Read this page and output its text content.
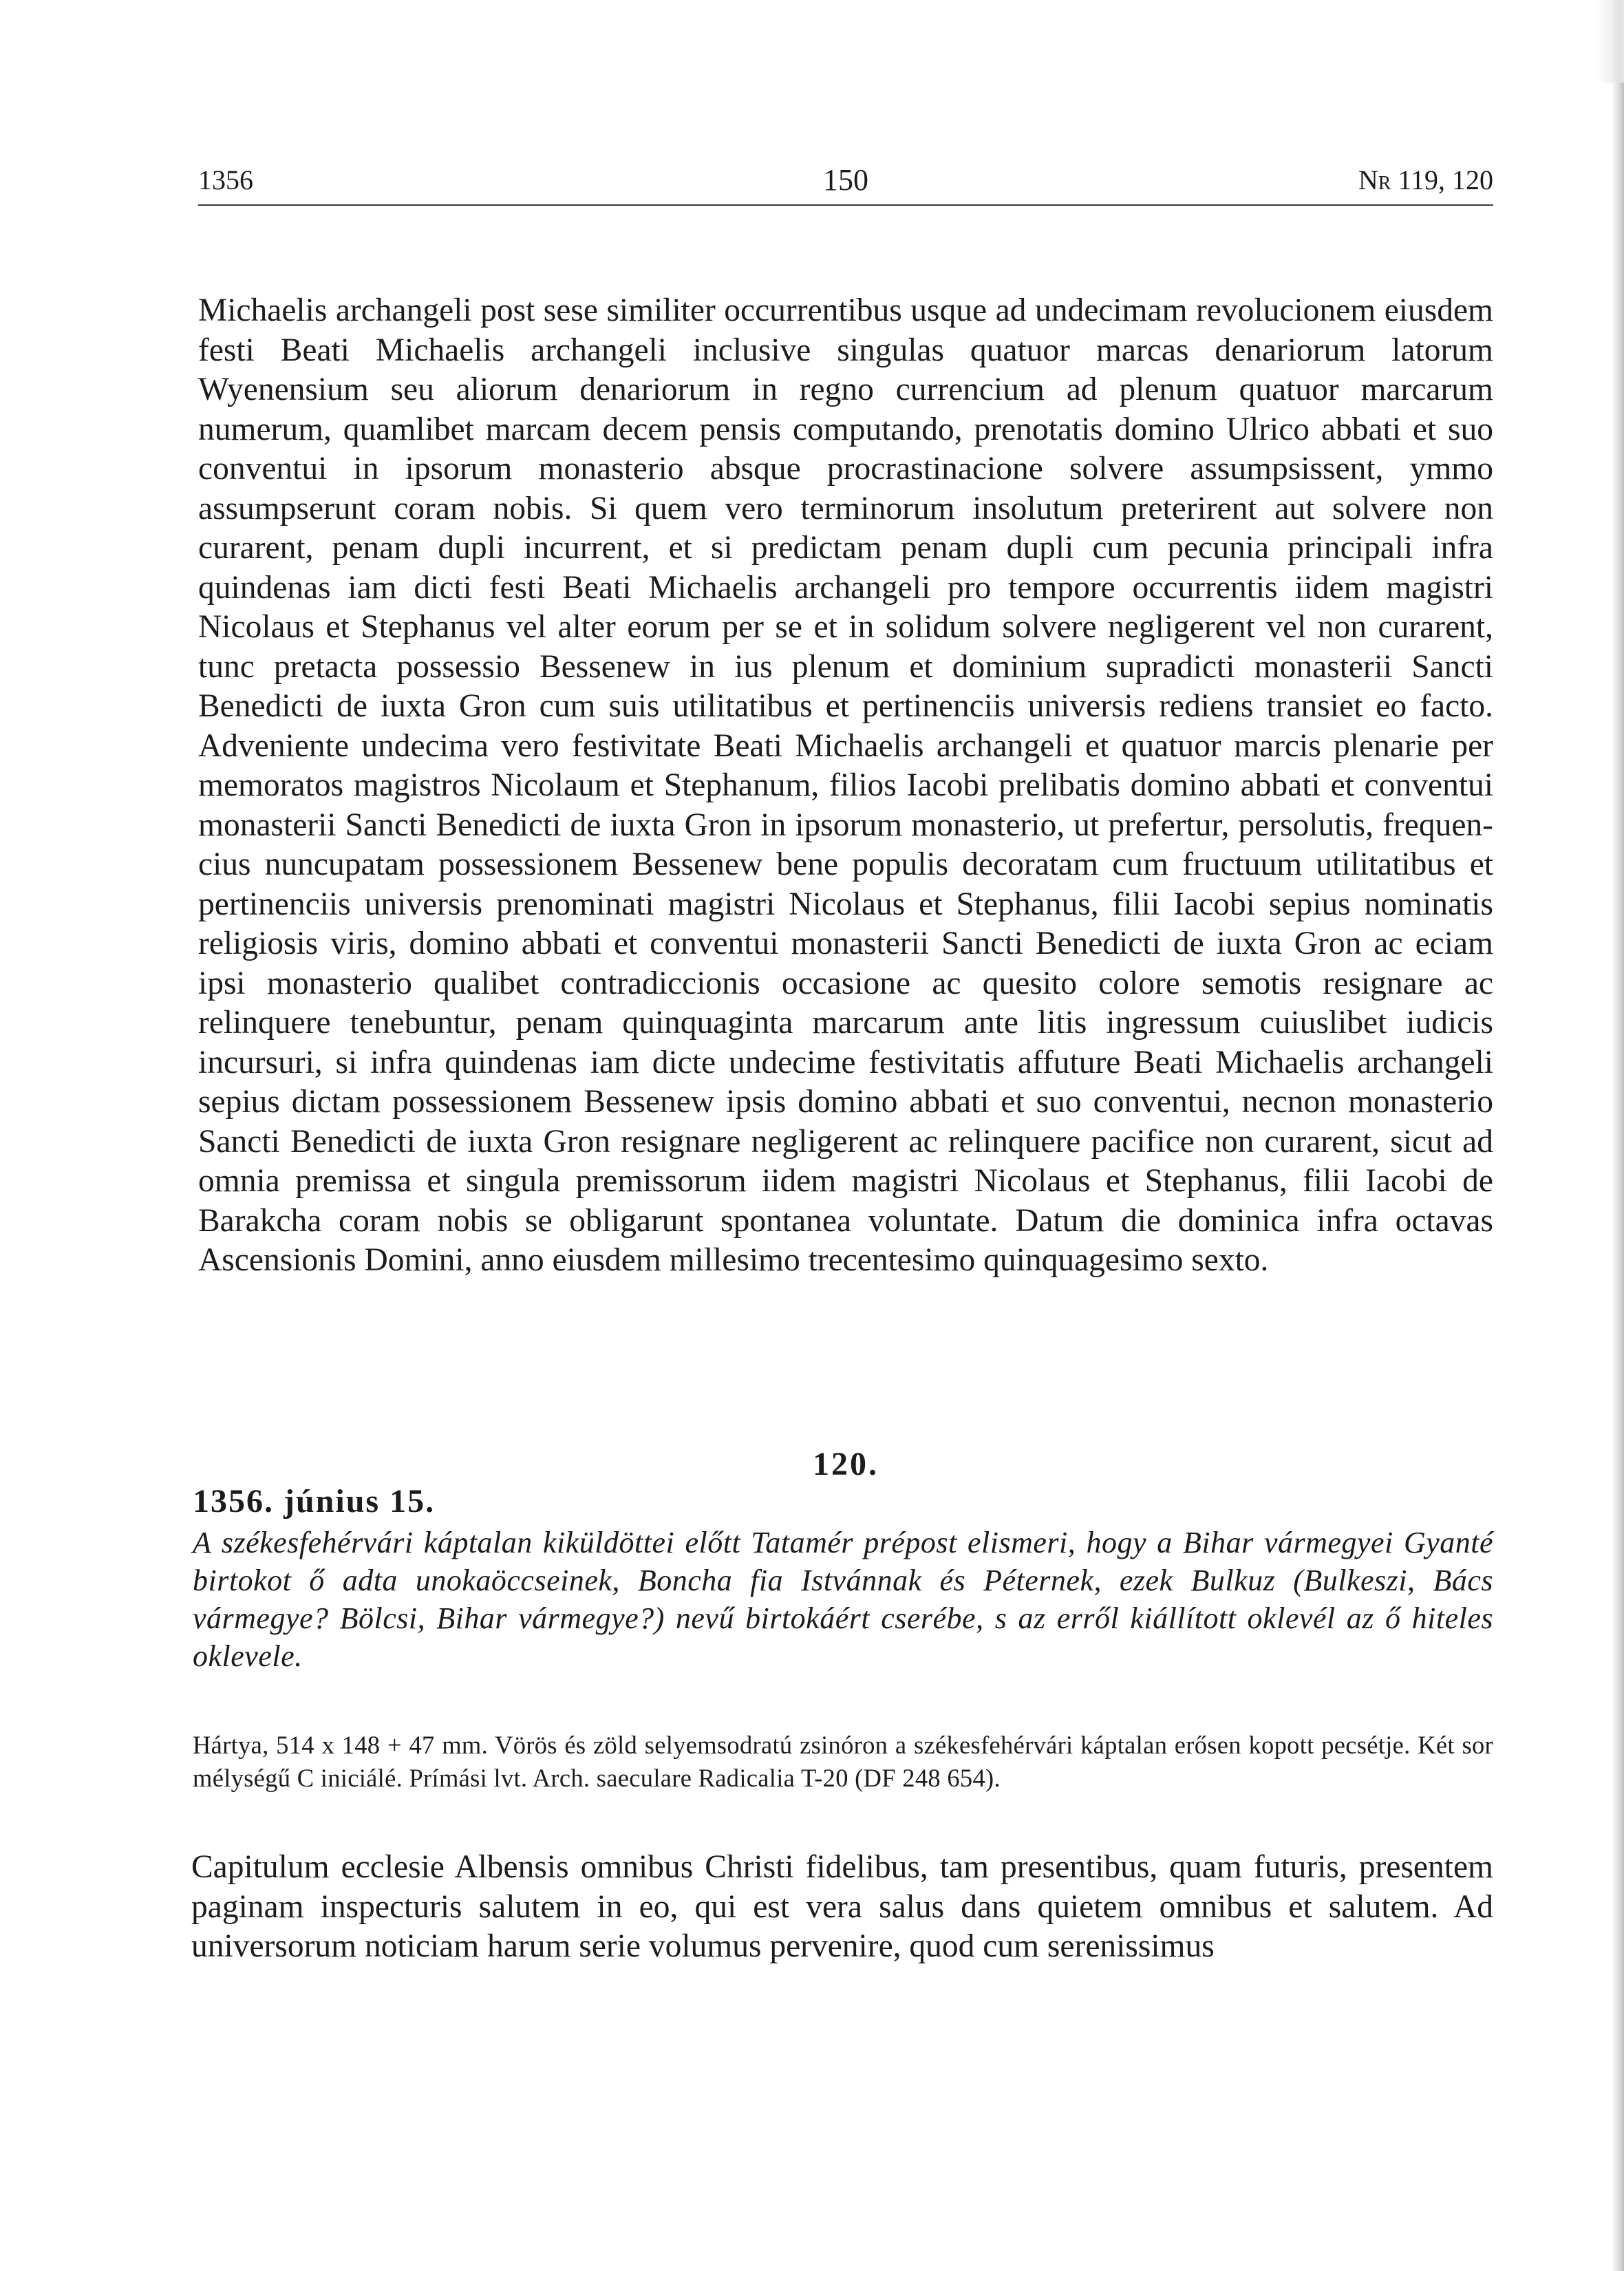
1356	150	Nr 119, 120

Michaelis archangeli post sese similiter occurrentibus usque ad undecimam revolucionem eiusdem festi Beati Michaelis archangeli inclusive singulas quatuor marcas denariorum latorum Wyenensium seu aliorum denariorum in regno currencium ad plenum quatuor marcarum numerum, quamlibet marcam decem pensis computando, prenotatis domino Ulrico abbati et suo conventui in ipsorum monasterio absque procrastinacione solvere assumpsissent, ymmo assumpserunt coram nobis. Si quem vero terminorum insolutum preterirent aut solvere non curarent, penam dupli incurrent, et si predictam penam dupli cum pecunia principali infra quindenas iam dicti festi Beati Michaelis archangeli pro tempore occurrentis iidem magistri Nicolaus et Stephanus vel alter eorum per se et in solidum solvere negligerent vel non curarent, tunc pretacta possessio Bessenew in ius plenum et dominium supradicti monasterii Sancti Benedicti de iuxta Gron cum suis utilitatibus et pertinenciis universis rediens transiet eo facto. Adveniente undecima vero festivitate Beati Michaelis archangeli et quatuor marcis plenarie per memoratos magistros Nicolaum et Stephanum, filios Iacobi prelibatis domino abbati et conventui monasterii Sancti Benedicti de iuxta Gron in ipsorum monasterio, ut prefertur, persolutis, frequencius nuncupatam possessionem Bessenew bene populis decoratam cum fructuum utilitatibus et pertinenciis universis prenominati magistri Nicolaus et Stephanus, filii Iacobi sepius nominatis religiosis viris, domino abbati et conventui monasterii Sancti Benedicti de iuxta Gron ac eciam ipsi monasterio qualibet contradiccionis occasione ac quesito colore semotis resignare ac relinquere tenebuntur, penam quinquaginta marcarum ante litis ingressum cuiuslibet iudicis incursuri, si infra quindenas iam dicte undecime festivitatis affuture Beati Michaelis archangeli sepius dictam possessionem Bessenew ipsis domino abbati et suo conventui, necnon monasterio Sancti Benedicti de iuxta Gron resignare negligerent ac relinquere pacifice non curarent, sicut ad omnia premissa et singula premissorum iidem magistri Nicolaus et Stephanus, filii Iacobi de Barakcha coram nobis se obligarunt spontanea voluntate. Datum die dominica infra octavas Ascensionis Domini, anno eiusdem millesimo trecentesimo quinquagesimo sexto.

120.
1356. június 15.

A székesfehérvári káptalan kiküldöttei előtt Tatamér prépost elismeri, hogy a Bihar vármegyei Gyanté birtokot ő adta unokaöccseinek, Boncha fia Istvánnak és Péternek, ezek Bulkuz (Bulkeszi, Bács vármegye? Bölcsi, Bihar vármegye?) nevű birtokáért cserébe, s az erről kiállított oklevél az ő hiteles oklevele.

Hártya, 514 x 148 + 47 mm. Vörös és zöld selyemsodratú zsinóron a székesfehérvári káptalan erősen kopott pecsétje. Két sor mélységű C iniciálé. Prímási lvt. Arch. saeculare Radicalia T-20 (DF 248 654).

Capitulum ecclesie Albensis omnibus Christi fidelibus, tam presentibus, quam futuris, presentem paginam inspecturis salutem in eo, qui est vera salus dans quietem omnibus et salutem. Ad universorum noticiam harum serie volumus pervenire, quod cum serenissimus
